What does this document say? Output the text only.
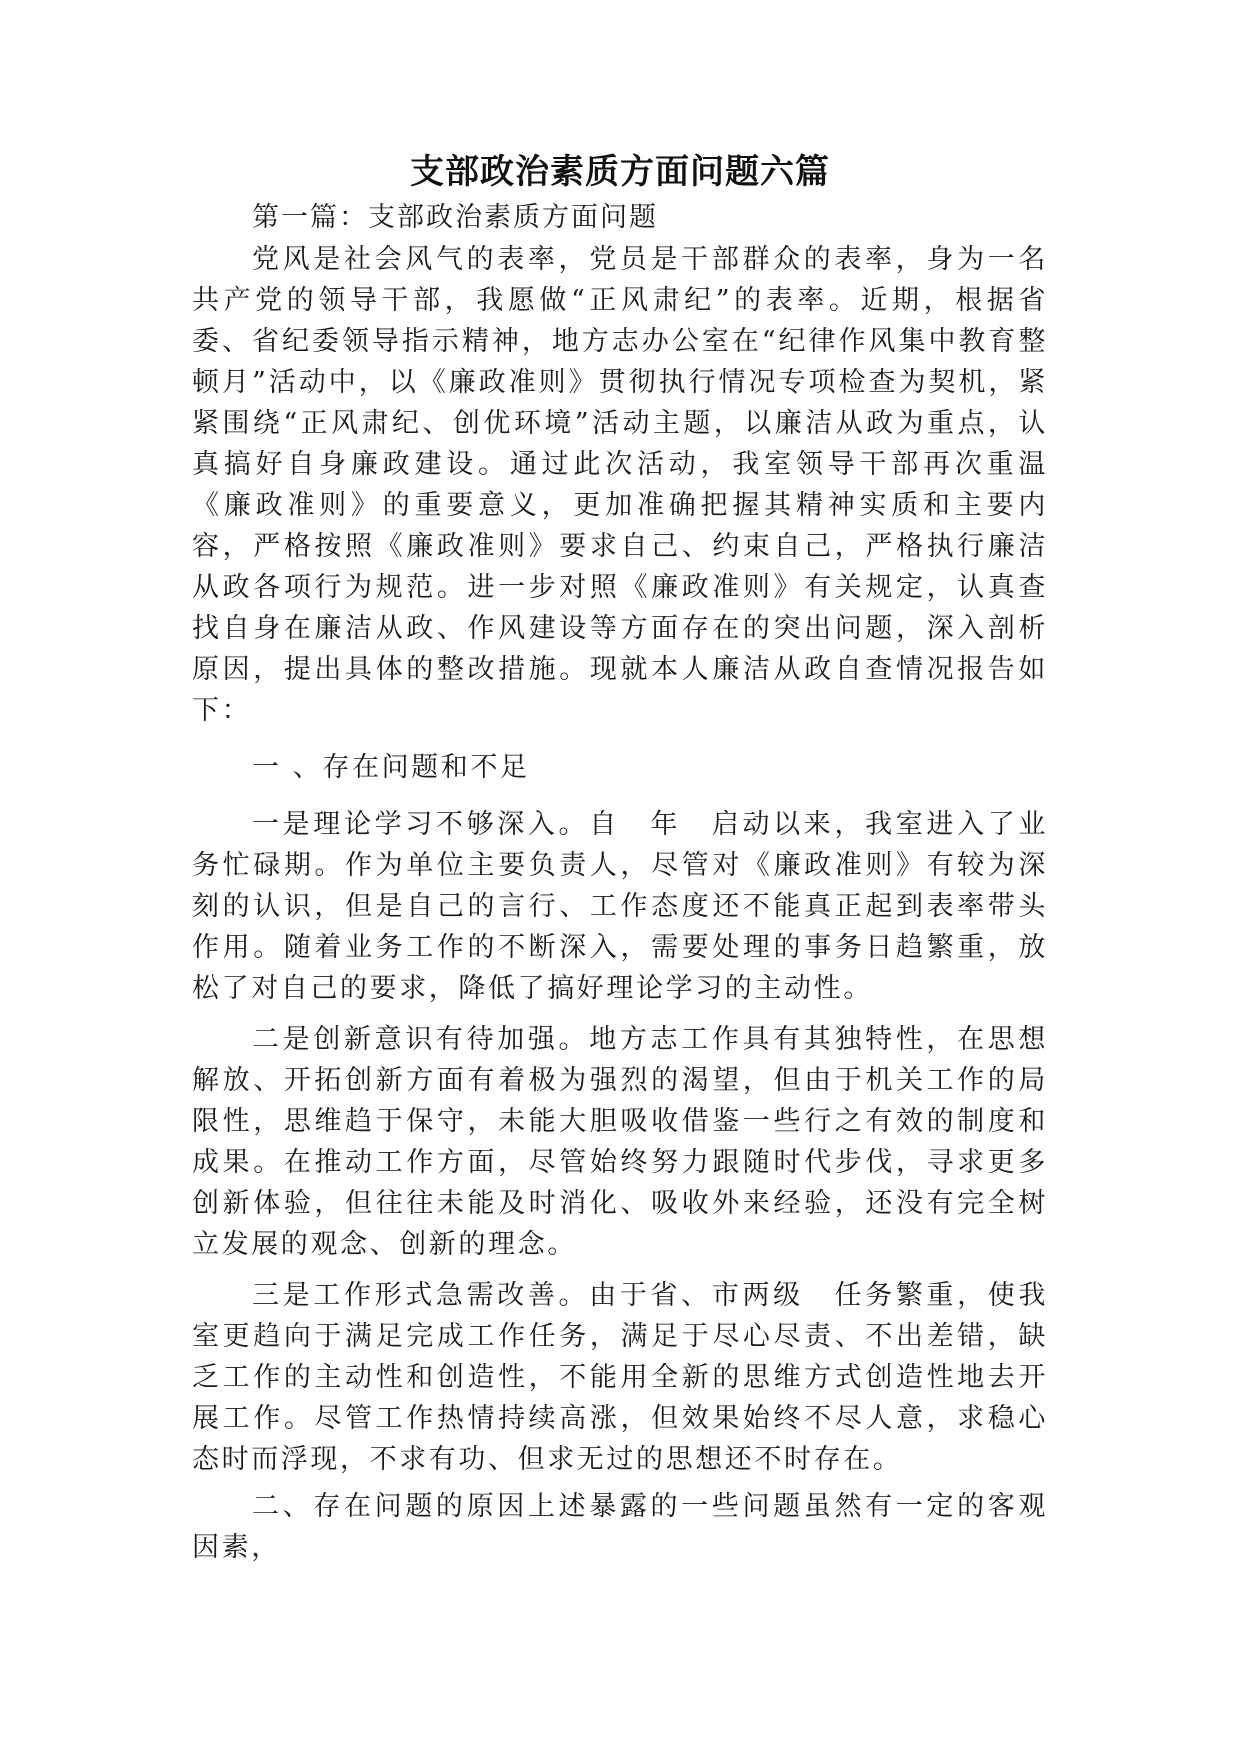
支部政治素质方面问题六篇

第一篇：支部政治素质方面问题

党风是社会风气的表率，党员是干部群众的表率，身为一名共产党的领导干部，我愿做“正风肃纪”的表率。近期，根据省委、省纪委领导指示精神，地方志办公室在“纪律作风集中教育整顿月”活动中，以《廉政准则》贯彻执行情况专项检查为契机，紧紧围绕“正风肃纪、创优环境”活动主题，以廉洁从政为重点，认真搞好自身廉政建设。通过此次活动，我室领导干部再次重温《廉政准则》的重要意义，更加准确把握其精神实质和主要内容，严格按照《廉政准则》要求自己、约束自己，严格执行廉洁从政各项行为规范。进一步对照《廉政准则》有关规定，认真查找自身在廉洁从政、作风建设等方面存在的突出问题，深入剖析原因，提出具体的整改措施。现就本人廉洁从政自查情况报告如下：

一 、存在问题和不足

一是理论学习不够深入。自　年　启动以来，我室进入了业务忙碌期。作为单位主要负责人，尽管对《廉政准则》有较为深刻的认识，但是自己的言行、工作态度还不能真正起到表率带头作用。随着业务工作的不断深入，需要处理的事务日趋繁重，放松了对自己的要求，降低了搞好理论学习的主动性。

二是创新意识有待加强。地方志工作具有其独特性，在思想解放、开拓创新方面有着极为强烈的渴望，但由于机关工作的局限性，思维趋于保守，未能大胆吸收借鉴一些行之有效的制度和成果。在推动工作方面，尽管始终努力跟随时代步伐，寻求更多创新体验，但往往未能及时消化、吸收外来经验，还没有完全树立发展的观念、创新的理念。

三是工作形式急需改善。由于省、市两级　任务繁重，使我室更趋向于满足完成工作任务，满足于尽心尽责、不出差错，缺乏工作的主动性和创造性，不能用全新的思维方式创造性地去开展工作。尽管工作热情持续高涨，但效果始终不尽人意，求稳心态时而浮现，不求有功、但求无过的思想还不时存在。

二、存在问题的原因上述暴露的一些问题虽然有一定的客观因素，
